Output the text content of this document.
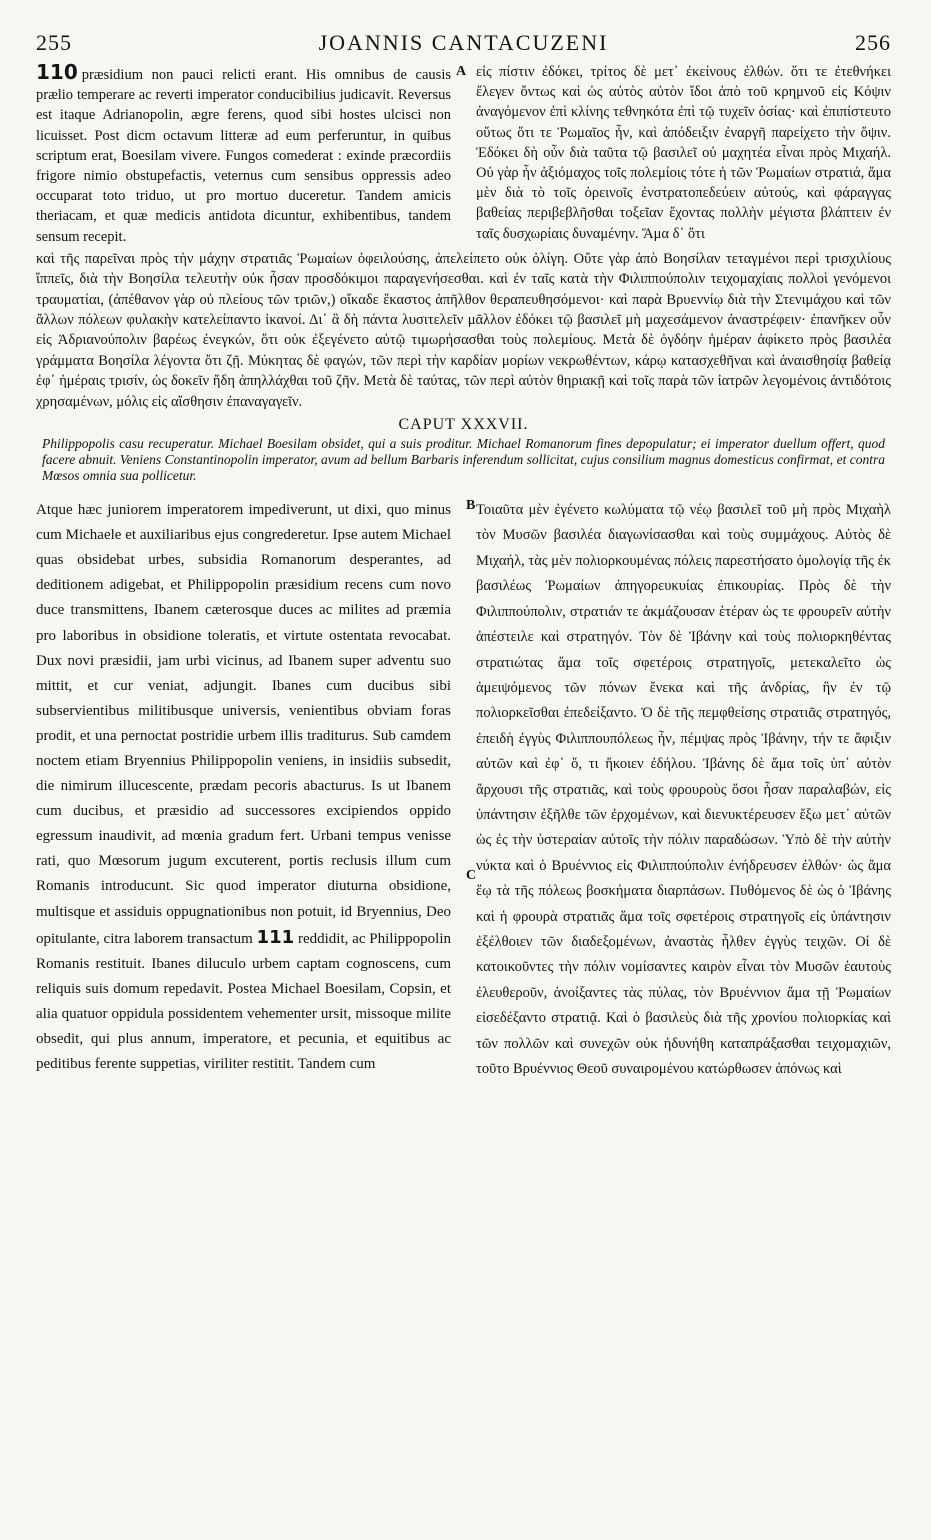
255	JOANNIS CANTACUZENI	256

110 præsidium non pauci relicti erant. His omnibus de causis prælio temperare ac reverti imperator conducibilius judicavit. Reversus est itaque Adrianopolin, ægre ferens, quod sibi hostes ulcisci non licuisset. Post dicm octavum litteræ ad eum perferuntur, in quibus scriptum erat, Boesilam vivere. Fungos comederat : exinde præcordiis frigore nimio obstupefactis, veternus cum sensibus oppressis adeo occuparat toto triduo, ut pro mortuo duceretur. Tandem amicis theriacam, et quæ medicis antidota dicuntur, exhibentibus, tandem sensum recepit.

A εἰς πίστιν ἐδόκει, τρίτος δὲ μετ᾽ ἐκείνους ἐλθών. ὅτι τε ἐτεθνήκει ἔλεγεν ὄντως καὶ ὡς αὐτὸς αὐτὸν ἴδοι ἀπὸ τοῦ κρημνοῦ εἰς Κόψιν ἀναγόμενον ἐπὶ κλίνης τεθνηκότα ἐπὶ τῷ τυχεῖν ὁσίας· καὶ ἐπιπίστευτο οὕτως ὅτι τε Ῥωμαῖος ἦν, καὶ ἀπόδειξιν ἐναργῆ παρείχετο τὴν ὄψιν. Ἐδόκει δὴ οὖν διὰ ταῦτα τῷ βασιλεῖ οὐ μαχητέα εἶναι πρὸς Μιχαήλ. Οὐ γὰρ ἦν ἀξιόμαχος τοῖς πολεμίοις τότε ἡ τῶν Ῥωμαίων στρατιά, ἅμα μὲν διὰ τὸ τοῖς ὀρεινοῖς ἐνστρατοπεδεύειν αὐτούς, καὶ φάραγγας βαθείας περιβεβλῆσθαι τοξεῖαν ἔχοντας πολλὴν μέγιστα βλάπτειν ἐν ταῖς δυσχωρίαις δυναμένην. Ἅμα δ᾽ ὅτι

καὶ τῆς παρεῖναι πρὸς τὴν μάχην στρατιᾶς Ῥωμαίων ὀφειλούσης, ἀπελείπετο οὐκ ὀλίγη. Οὔτε γὰρ ἀπὸ Βοησίλαν τεταγμένοι περὶ τρισχιλίους ἵππεῖς, διὰ τὴν Βοησίλα τελευτὴν οὐκ ἦσαν προσδόκιμοι παραγενήσεσθαι. καὶ ἐν ταῖς κατὰ τὴν Φιλιππούπολιν τειχομαχίαις πολλοὶ γενόμενοι τραυματίαι, (ἀπέθανον γὰρ οὐ πλείους τῶν τριῶν,) οἴκαδε ἕκαστος ἀπῆλθον θεραπευθησόμενοι· καὶ παρὰ Βρυεννίῳ διὰ τὴν Στενιμάχου καὶ τῶν ἄλλων πόλεων φυλακὴν κατελείπαντο ἱκανοί. Δι᾽ ἃ δὴ πάντα λυσιτελεῖν μᾶλλον ἐδόκει τῷ βασιλεῖ μὴ μαχεσάμενον ἀναστρέφειν· ἐπανῆκεν οὖν εἰς Ἀδριανούπολιν βαρέως ἐνεγκών, ὅτι οὐκ ἐξεγένετο αὐτῷ τιμωρήσασθαι τοὺς πολεμίους. Μετὰ δὲ ὀγδόην ἡμέραν ἀφίκετο πρὸς βασιλέα γράμματα Βοησίλα λέγοντα ὅτι ζῇ. Μύκητας δὲ φαγών, τῶν περὶ τὴν καρδίαν μορίων νεκρωθέντων, κάρῳ κατασχεθῆναι καὶ ἀναισθησίᾳ βαθείᾳ ἐφ᾽ ἡμέραις τρισίν, ὡς δοκεῖν ἤδη ἀπηλλάχθαι τοῦ ζῆν. Μετὰ δὲ ταύτας, τῶν περὶ αὐτὸν θηριακῇ καὶ τοῖς παρὰ τῶν ἰατρῶν λεγομένοις ἀντιδότοις χρησαμένων, μόλις εἰς αἴσθησιν ἐπαναγαγεῖν.

CAPUT XXXVII.
Philippopolis casu recuperatur. Michael Boesilam obsidet, qui a suis proditur. Michael Romanorum fines depopulatur; ei imperator duellum offert, quod facere abnuit. Veniens Constantinopolin imperator, avum ad bellum Barbaris inferendum sollicitat, cujus consilium magnus domesticus confirmat, et contra Mœsos omnia sua pollicetur.
B
C

Atque hæc juniorem imperatorem impediverunt, ut dixi, quo minus cum Michaele et auxiliaribus ejus congrederetur. Ipse autem Michael quas obsidebat urbes, subsidia Romanorum desperantes, ad deditionem adigebat, et Philippopolin præsidium recens cum novo duce transmittens, Ibanem cæterosque duces ac milites ad præmia pro laboribus in obsidione toleratis, et virtute ostentata revocabat. Dux novi præsidii, jam urbi vicinus, ad Ibanem super adventu suo mittit, et cur veniat, adjungit. Ibanes cum ducibus sibi subservientibus militibusque universis, venientibus obviam foras prodit, et una pernoctat postridie urbem illis traditurus. Sub camdem noctem etiam Bryennius Philippopolin veniens, in insidiis subsedit, die nimirum illucescente, prædam pecoris abacturus. Is ut Ibanem cum ducibus, et præsidio ad successores excipiendos oppido egressum inaudivit, ad mœnia gradum fert. Urbani tempus venisse rati, quo Mœsorum jugum excuterent, portis reclusis illum cum Romanis introducunt. Sic quod imperator diuturna obsidione, multisque et assiduis oppugnationibus non potuit, id Bryennius, Deo opitulante, citra laborem transactum 111 reddidit, ac Philippopolin Romanis restituit. Ibanes diluculo urbem captam cognoscens, cum reliquis suis domum repedavit. Postea Michael Boesilam, Copsin, et alia quatuor oppidula possidentem vehementer ursit, missoque milite obsedit, qui plus annum, imperatore, et pecunia, et equitibus ac peditibus ferente suppetias, viriliter restitit. Tandem cum

Τοιαῦτα μὲν ἐγένετο κωλύματα τῷ νέῳ βασιλεῖ τοῦ μὴ πρὸς Μιχαὴλ τὸν Μυσῶν βασιλέα διαγωνίσασθαι καὶ τοὺς συμμάχους. Αὐτὸς δὲ Μιχαήλ, τὰς μὲν πολιορκουμένας πόλεις παρεστήσατο ὁμολογίᾳ τῆς ἐκ βασιλέως Ῥωμαίων ἀπηγορευκυίας ἐπικουρίας. Πρὸς δὲ τὴν Φιλιππούπολιν, στρατιάν τε ἀκμάζουσαν ἑτέραν ὡς τε φρουρεῖν αὐτὴν ἀπέστειλε καὶ στρατηγόν. Τὸν δὲ Ἰβάνην καὶ τοὺς πολιορκηθέντας στρατιώτας ἅμα τοῖς σφετέροις στρατηγοῖς, μετεκαλεῖτο ὡς ἀμειψόμενος τῶν πόνων ἕνεκα καὶ τῆς ἀνδρίας, ἣν ἐν τῷ πολιορκεῖσθαι ἐπεδείξαντο. Ὁ δὲ τῆς πεμφθείσης στρατιᾶς στρατηγός, ἐπειδὴ ἐγγὺς Φιλιππουπόλεως ἦν, πέμψας πρὸς Ἰβάνην, τήν τε ἄφιξιν αὐτῶν καὶ ἐφ᾽ ὅ, τι ἥκοιεν ἐδήλου. Ἰβάνης δὲ ἅμα τοῖς ὑπ᾽ αὐτὸν ἄρχουσι τῆς στρατιᾶς, καὶ τοὺς φρουροὺς ὅσοι ἦσαν παραλαβών, εἰς ὑπάντησιν ἐξῆλθε τῶν ἐρχομένων, καὶ διενυκτέρευσεν ἔξω μετ᾽ αὐτῶν ὡς ἐς τὴν ὑστεραίαν αὐτοῖς τὴν πόλιν παραδώσων. Ὑπὸ δὲ τὴν αὐτὴν νύκτα καὶ ὁ Βρυέννιος εἰς Φιλιππούπολιν ἐνήδρευσεν ἐλθών· ὡς ἅμα ἕῳ τὰ τῆς πόλεως βοσκήματα διαρπάσων. Πυθόμενος δὲ ὡς ὁ Ἰβάνης καὶ ἡ φρουρὰ στρατιᾶς ἅμα τοῖς σφετέροις στρατηγοῖς εἰς ὑπάντησιν ἐξέλθοιεν τῶν διαδεξομένων, ἀναστὰς ἦλθεν ἐγγὺς τειχῶν. Οἱ δὲ κατοικοῦντες τὴν πόλιν νομίσαντες καιρὸν εἶναι τὸν Μυσῶν ἑαυτοὺς ἐλευθεροῦν, ἀνοίξαντες τὰς πύλας, τὸν Βρυέννιον ἅμα τῇ Ῥωμαίων εἰσεδέξαντο στρατιᾷ. Καὶ ὁ βασιλεὺς διὰ τῆς χρονίου πολιορκίας καὶ τῶν πολλῶν καὶ συνεχῶν οὐκ ἠδυνήθη καταπράξασθαι τειχομαχιῶν, τοῦτο Βρυέννιος Θεοῦ συναιρομένου κατώρθωσεν ἀπόνως καὶ
